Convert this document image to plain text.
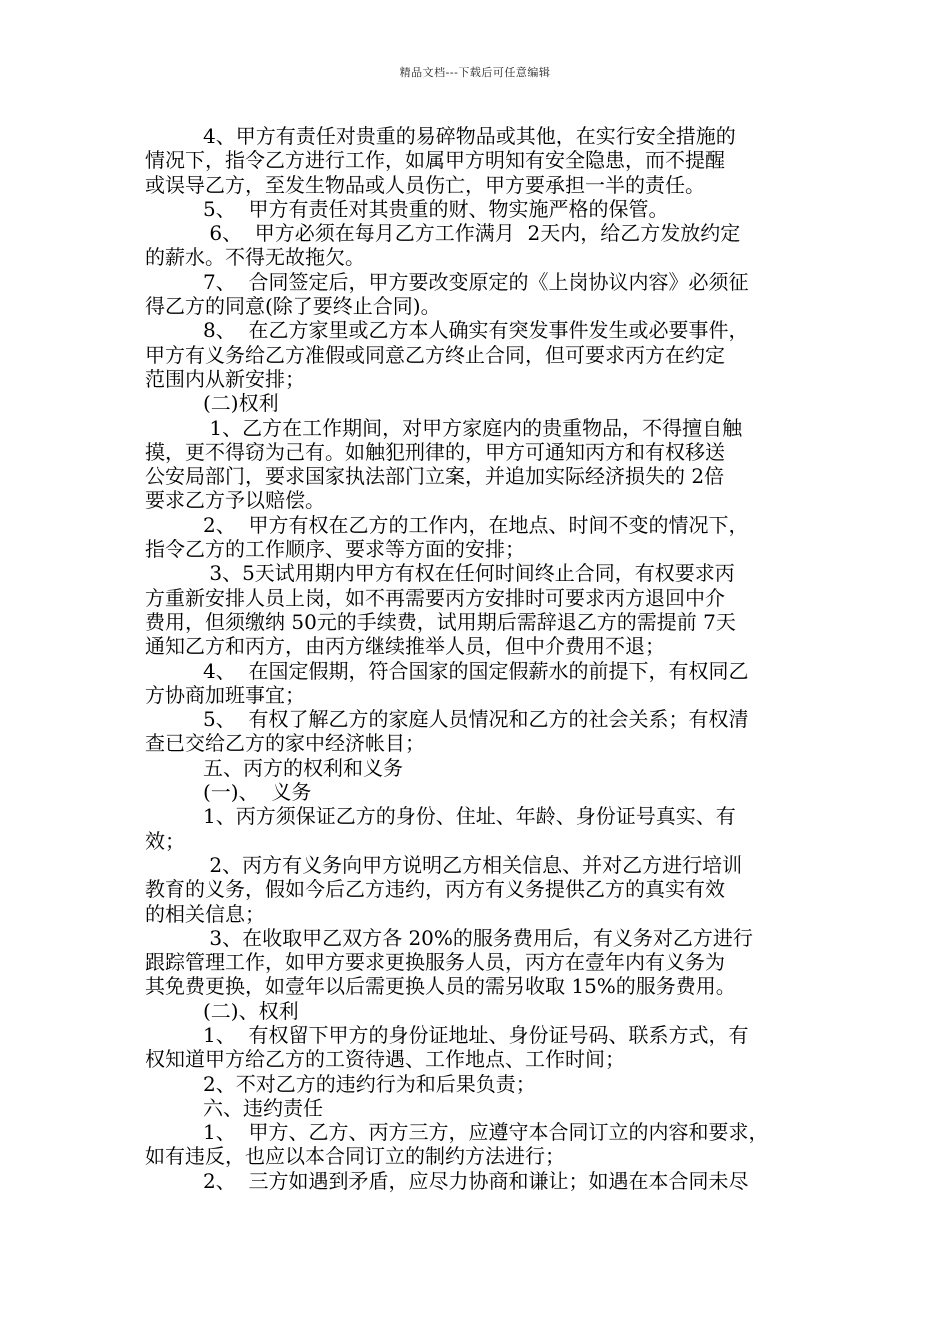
精品文档---下载后可任意编辑
4、甲方有责任对贵重的易碎物品或其他，在实行安全措施的
情况下，指令乙方进行工作，如属甲方明知有安全隐患，而不提醒
或误导乙方，至发生物品或人员伤亡，甲方要承担一半的责任。
5、  甲方有责任对其贵重的财、物实施严格的保管。
6、  甲方必须在每月乙方工作满月  2天内，给乙方发放约定
的薪水。不得无故拖欠。
7、  合同签定后，甲方要改变原定的《上岗协议内容》必须征
得乙方的同意(除了要终止合同)。
8、  在乙方家里或乙方本人确实有突发事件发生或必要事件，
甲方有义务给乙方准假或同意乙方终止合同，但可要求丙方在约定
范围内从新安排；
(二)权利
1、乙方在工作期间，对甲方家庭内的贵重物品，不得擅自触
摸，更不得窃为己有。如触犯刑律的，甲方可通知丙方和有权移送
公安局部门，要求国家执法部门立案，并追加实际经济损失的 2倍
要求乙方予以赔偿。
2、  甲方有权在乙方的工作内，在地点、时间不变的情况下，
指令乙方的工作顺序、要求等方面的安排；
3、5天试用期内甲方有权在任何时间终止合同，有权要求丙
方重新安排人员上岗，如不再需要丙方安排时可要求丙方退回中介
费用，但须缴纳 50元的手续费，试用期后需辞退乙方的需提前 7天
通知乙方和丙方，由丙方继续推举人员，但中介费用不退；
4、  在国定假期，符合国家的国定假薪水的前提下，有权同乙
方协商加班事宜；
5、  有权了解乙方的家庭人员情况和乙方的社会关系；有权清
查已交给乙方的家中经济帐目；
五、丙方的权利和义务
(一)、  义务
1、丙方须保证乙方的身份、住址、年龄、身份证号真实、有
效；
2、丙方有义务向甲方说明乙方相关信息、并对乙方进行培训
教育的义务，假如今后乙方违约，丙方有义务提供乙方的真实有效
的相关信息；
3、在收取甲乙双方各 20%的服务费用后，有义务对乙方进行
跟踪管理工作，如甲方要求更换服务人员，丙方在壹年内有义务为
其免费更换，如壹年以后需更换人员的需另收取 15%的服务费用。
(二)、权利
1、  有权留下甲方的身份证地址、身份证号码、联系方式，有
权知道甲方给乙方的工资待遇、工作地点、工作时间；
2、不对乙方的违约行为和后果负责；
六、违约责任
1、  甲方、乙方、丙方三方，应遵守本合同订立的内容和要求，
如有违反，也应以本合同订立的制约方法进行；
2、  三方如遇到矛盾，应尽力协商和谦让；如遇在本合同未尽
